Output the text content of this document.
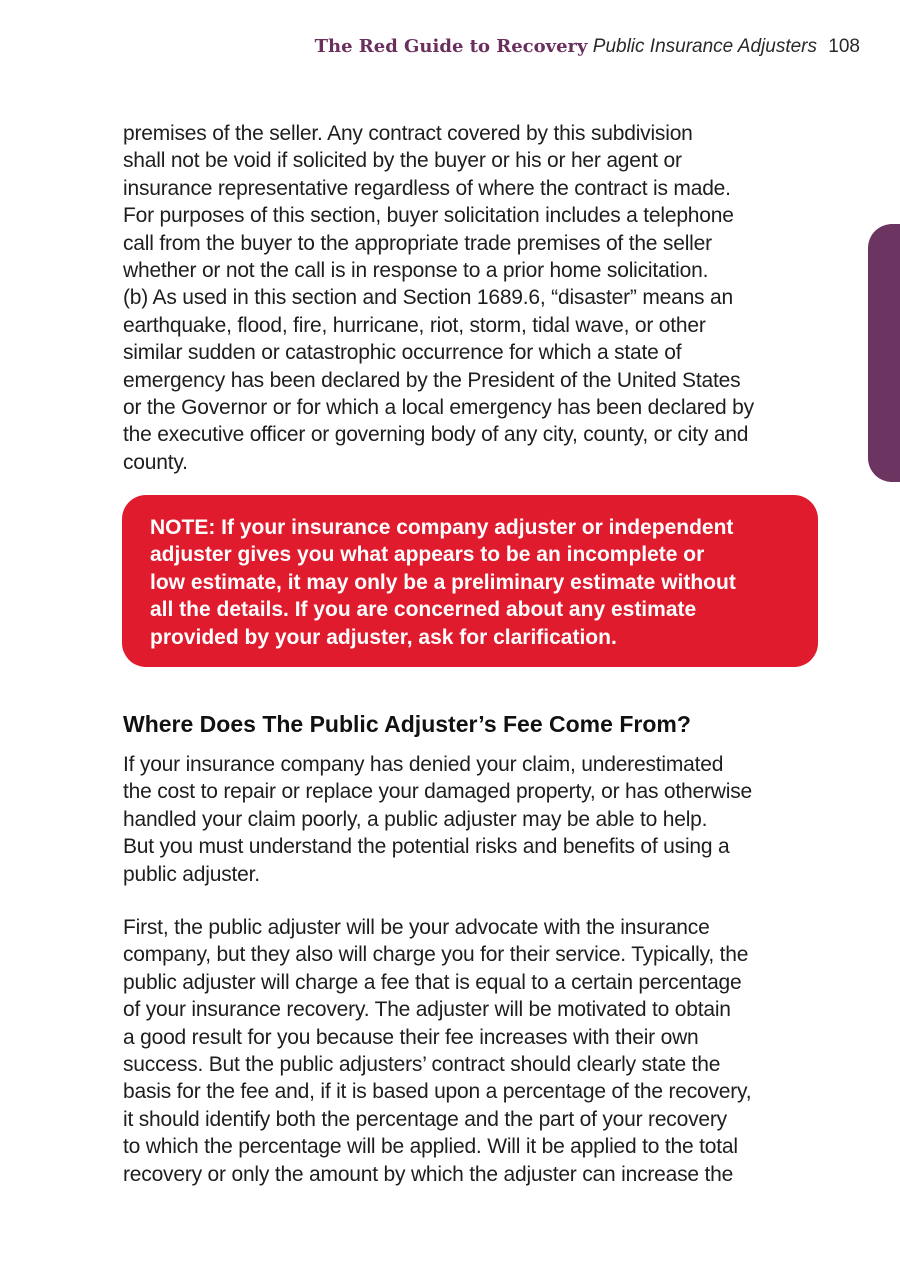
The Red Guide to Recovery Public Insurance Adjusters 108

premises of the seller. Any contract covered by this subdivision
shall not be void if solicited by the buyer or his or her agent or
insurance representative regardless of where the contract is made.
For purposes of this section, buyer solicitation includes a telephone
call from the buyer to the appropriate trade premises of the seller
whether or not the call is in response to a prior home solicitation.
(b) As used in this section and Section 1689.6, “disaster” means an
earthquake, flood, fire, hurricane, riot, storm, tidal wave, or other
similar sudden or catastrophic occurrence for which a state of
emergency has been declared by the President of the United States
or the Governor or for which a local emergency has been declared by
the executive officer or governing body of any city, county, or city and
county.

NOTE: If your insurance company adjuster or independent
adjuster gives you what appears to be an incomplete or
low estimate, it may only be a preliminary estimate without
all the details. If you are concerned about any estimate
provided by your adjuster, ask for clarification.
Where Does The Public Adjuster’s Fee Come From?

If your insurance company has denied your claim, underestimated
the cost to repair or replace your damaged property, or has otherwise
handled your claim poorly, a public adjuster may be able to help.
But you must understand the potential risks and benefits of using a
public adjuster.

First, the public adjuster will be your advocate with the insurance
company, but they also will charge you for their service. Typically, the
public adjuster will charge a fee that is equal to a certain percentage
of your insurance recovery. The adjuster will be motivated to obtain
a good result for you because their fee increases with their own
success. But the public adjusters’ contract should clearly state the
basis for the fee and, if it is based upon a percentage of the recovery,
it should identify both the percentage and the part of your recovery
to which the percentage will be applied. Will it be applied to the total
recovery or only the amount by which the adjuster can increase the
